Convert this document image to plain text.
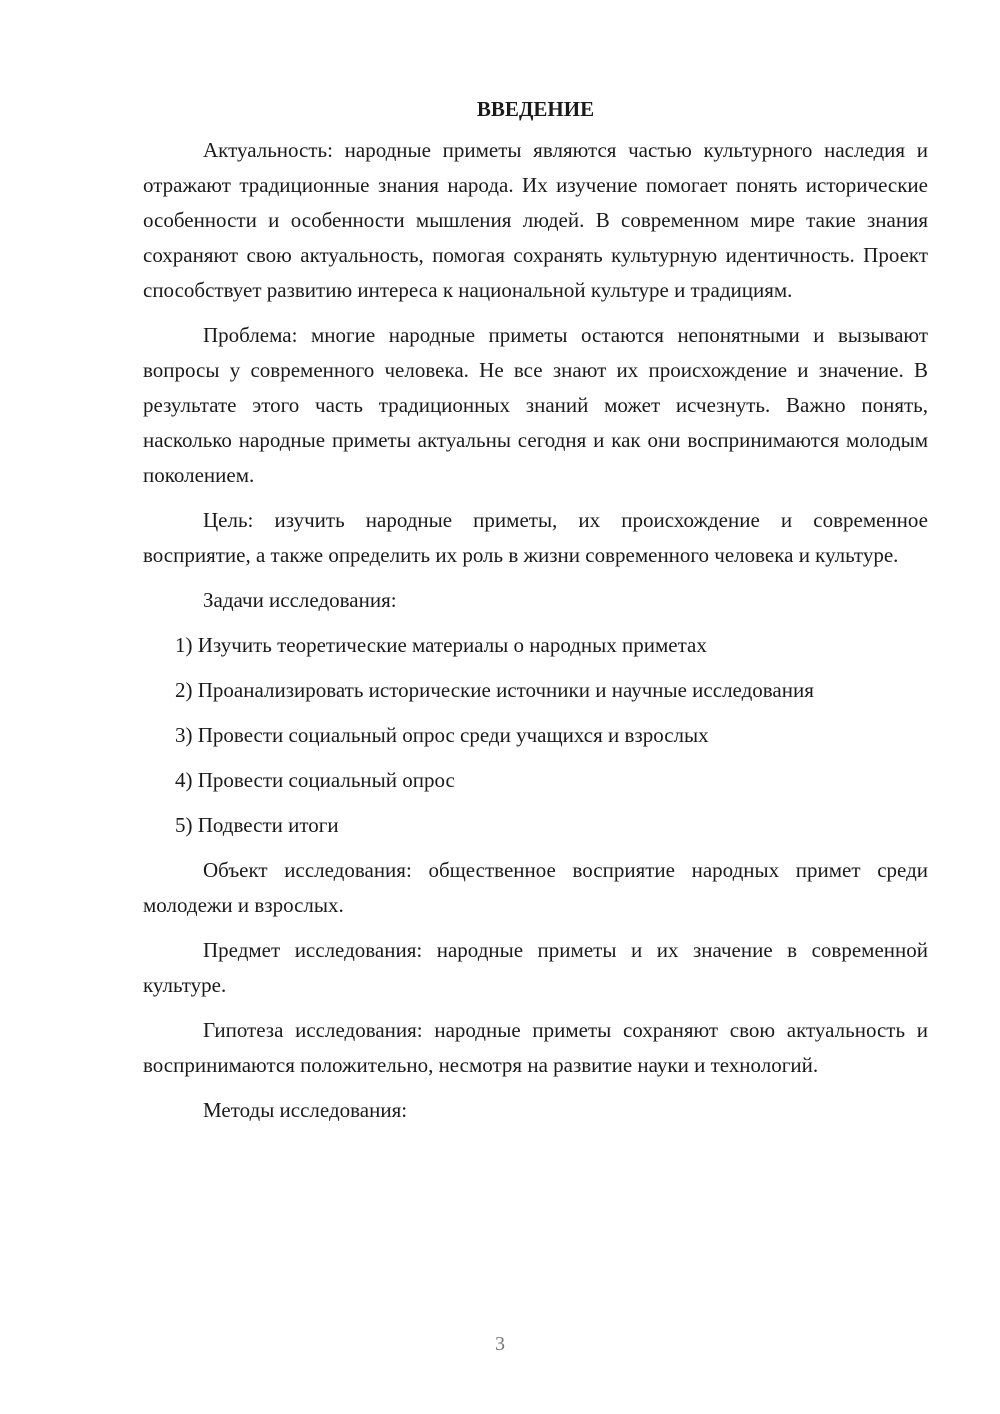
ВВЕДЕНИЕ

Актуальность: народные приметы являются частью культурного наследия и отражают традиционные знания народа. Их изучение помогает понять исторические особенности и особенности мышления людей. В современном мире такие знания сохраняют свою актуальность, помогая сохранять культурную идентичность. Проект способствует развитию интереса к национальной культуре и традициям.

Проблема: многие народные приметы остаются непонятными и вызывают вопросы у современного человека. Не все знают их происхождение и значение. В результате этого часть традиционных знаний может исчезнуть. Важно понять, насколько народные приметы актуальны сегодня и как они воспринимаются молодым поколением.

Цель: изучить народные приметы, их происхождение и современное восприятие, а также определить их роль в жизни современного человека и культуре.

Задачи исследования:

1) Изучить теоретические материалы о народных приметах

2) Проанализировать исторические источники и научные исследования

3) Провести социальный опрос среди учащихся и взрослых

4) Провести социальный опрос

5) Подвести итоги

Объект исследования: общественное восприятие народных примет среди молодежи и взрослых.

Предмет исследования: народные приметы и их значение в современной культуре.

Гипотеза исследования: народные приметы сохраняют свою актуальность и воспринимаются положительно, несмотря на развитие науки и технологий.

Методы исследования:

3
